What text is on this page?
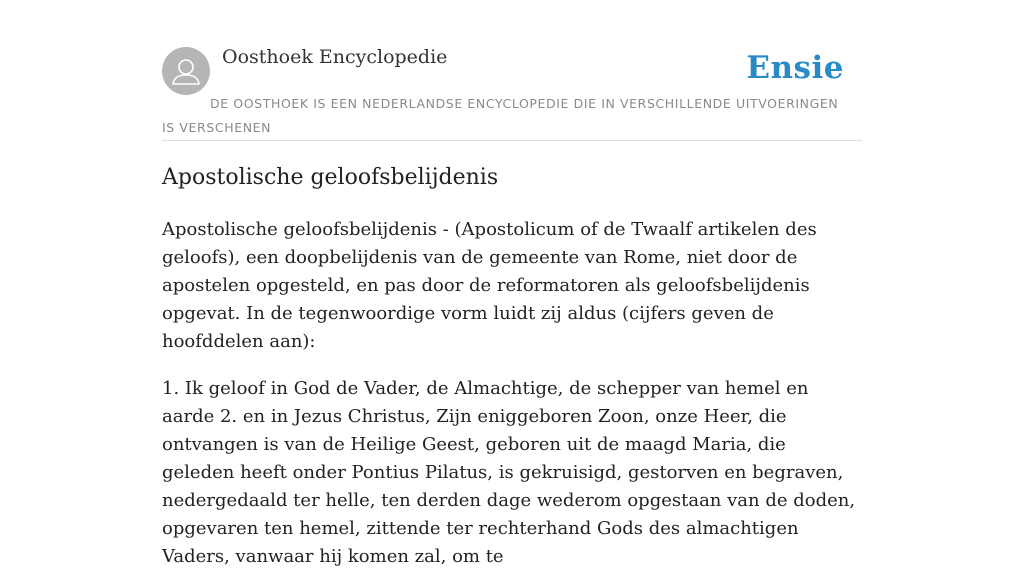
Oosthoek Encyclopedie	Ensie
DE OOSTHOEK IS EEN NEDERLANDSE ENCYCLOPEDIE DIE IN VERSCHILLENDE UITVOERINGEN IS VERSCHENEN
Apostolische geloofsbelijdenis

Apostolische geloofsbelijdenis - (Apostolicum of de Twaalf artikelen des geloofs), een doopbelijdenis van de gemeente van Rome, niet door de apostelen opgesteld, en pas door de reformatoren als geloofsbelijdenis opgevat. In de tegenwoordige vorm luidt zij aldus (cijfers geven de hoofddelen aan):

1. Ik geloof in God de Vader, de Almachtige, de schepper van hemel en aarde 2. en in Jezus Christus, Zijn eniggeboren Zoon, onze Heer, die ontvangen is van de Heilige Geest, geboren uit de maagd Maria, die geleden heeft onder Pontius Pilatus, is gekruisigd, gestorven en begraven, nedergedaald ter helle, ten derden dage wederom opgestaan van de doden, opgevaren ten hemel, zittende ter rechterhand Gods des almachtigen Vaders, vanwaar hij komen zal, om te
